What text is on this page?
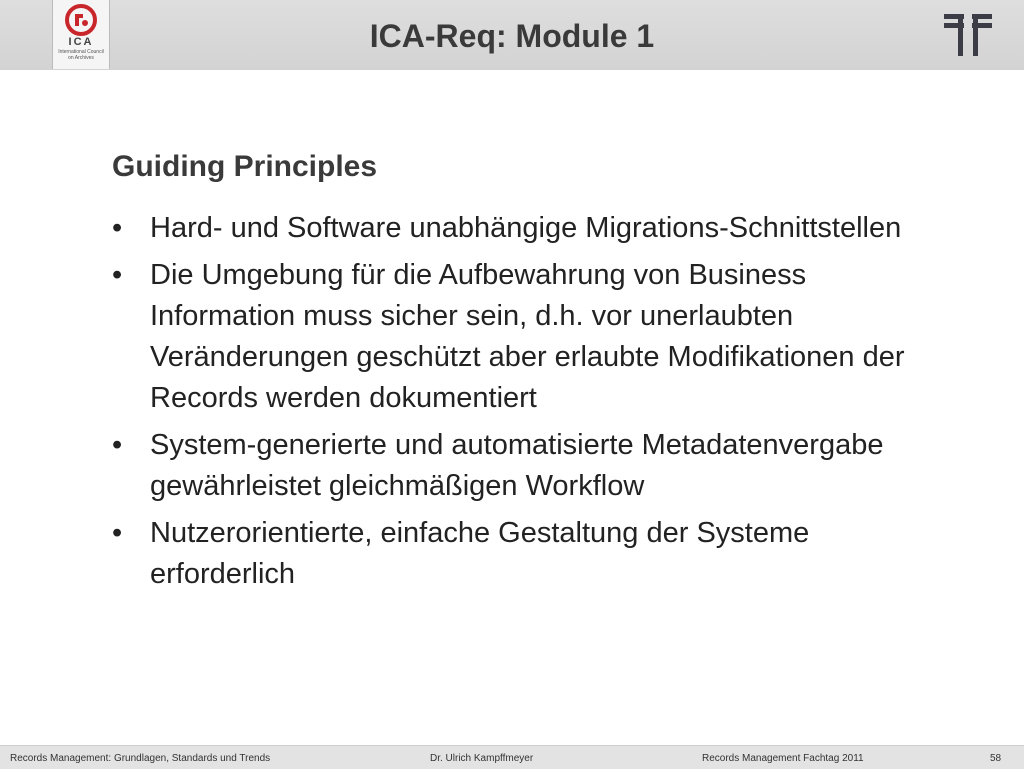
ICA
International Council on Archives
ICA-Req: Module 1
Guiding Principles
• Hard- und Software unabhängige Migrations-Schnittstellen
• Die Umgebung für die Aufbewahrung von Business Information muss sicher sein, d.h. vor unerlaubten Veränderungen geschützt aber erlaubte Modifikationen der Records werden dokumentiert
• System-generierte und automatisierte Metadatenvergabe gewährleistet gleichmäßigen Workflow
• Nutzerorientierte, einfache Gestaltung der Systeme erforderlich
Records Management: Grundlagen, Standards und Trends	Dr. Ulrich Kampffmeyer	Records Management Fachtag 2011	58
